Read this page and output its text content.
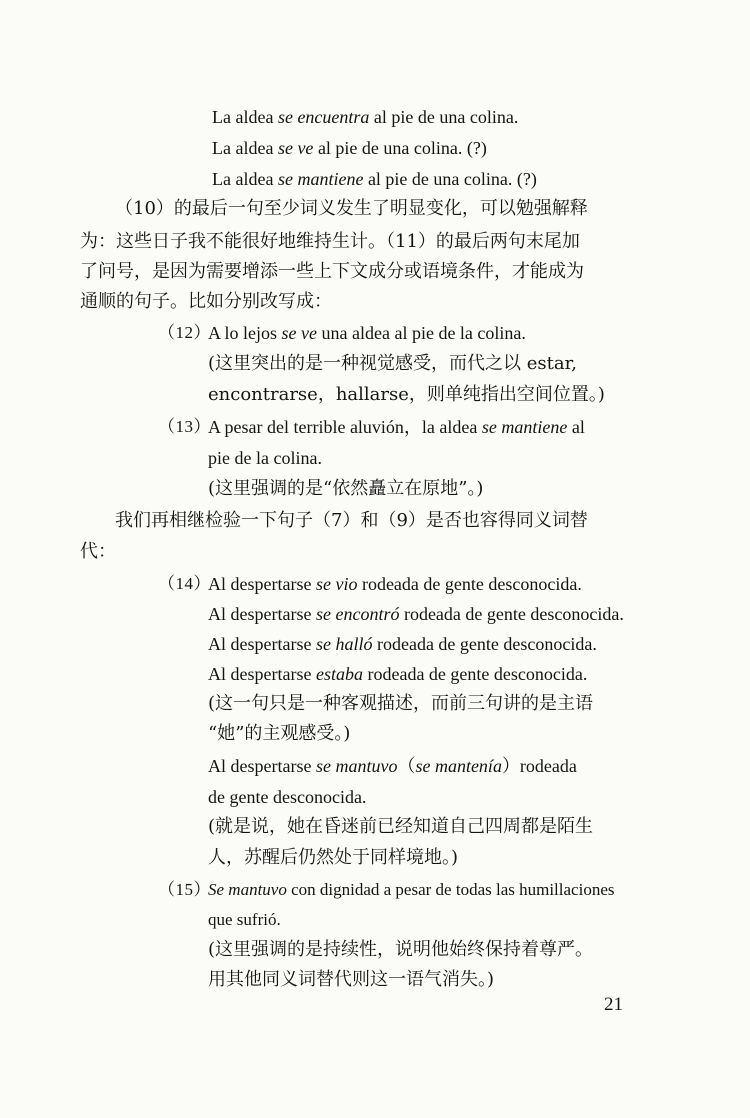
La aldea se encuentra al pie de una colina.
La aldea se ve al pie de una colina. (?)
La aldea se mantiene al pie de una colina. (?)
（10）的最后一句至少词义发生了明显变化，可以勉强解释
为：这些日子我不能很好地维持生计。（11）的最后两句末尾加
了问号，是因为需要增添一些上下文成分或语境条件，才能成为
通顺的句子。比如分别改写成：
（12）
A lo lejos se ve una aldea al pie de la colina.
(这里突出的是一种视觉感受，而代之以 estar,
encontrarse，hallarse，则单纯指出空间位置。)
（13）
A pesar del terrible aluvión，la aldea se mantiene al
pie de la colina.
(这里强调的是“依然矗立在原地”。)
我们再相继检验一下句子（7）和（9）是否也容得同义词替
代：
（14）
Al despertarse se vio rodeada de gente desconocida.
Al despertarse se encontró rodeada de gente desconocida.
Al despertarse se halló rodeada de gente desconocida.
Al despertarse estaba rodeada de gente desconocida.
(这一句只是一种客观描述，而前三句讲的是主语
“她”的主观感受。)
Al despertarse se mantuvo（se mantenía）rodeada
de gente desconocida.
(就是说，她在昏迷前已经知道自己四周都是陌生
人，苏醒后仍然处于同样境地。)
（15）
Se mantuvo con dignidad a pesar de todas las humillaciones
que sufrió.
(这里强调的是持续性，说明他始终保持着尊严。
用其他同义词替代则这一语气消失。)
21
